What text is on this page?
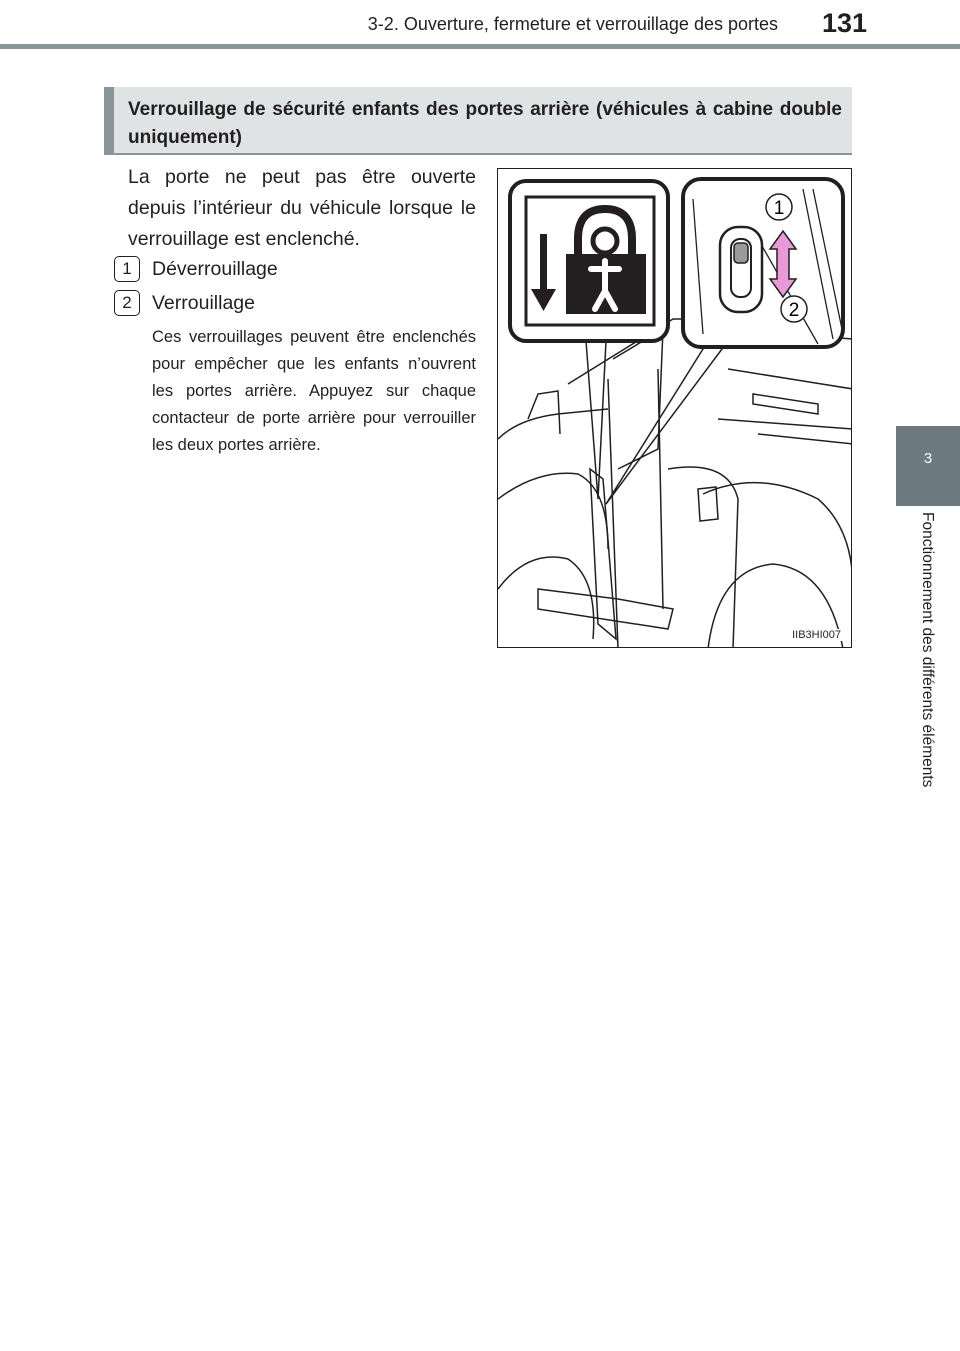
3-2. Ouverture, fermeture et verrouillage des portes 131
3
Fonctionnement des différents éléments
Verrouillage de sécurité enfants des portes arrière (véhicules à cabine double uniquement)

La porte ne peut pas être ouverte depuis l’intérieur du véhicule lorsque le verrouillage est enclenché.

1	Déverrouillage
2	Verrouillage

Ces verrouillages peuvent être enclenchés pour empêcher que les enfants n’ouvrent les portes arrière. Appuyez sur chaque contacteur de porte arrière pour verrouiller les deux portes arrière.

1
2
IIB3HI007
